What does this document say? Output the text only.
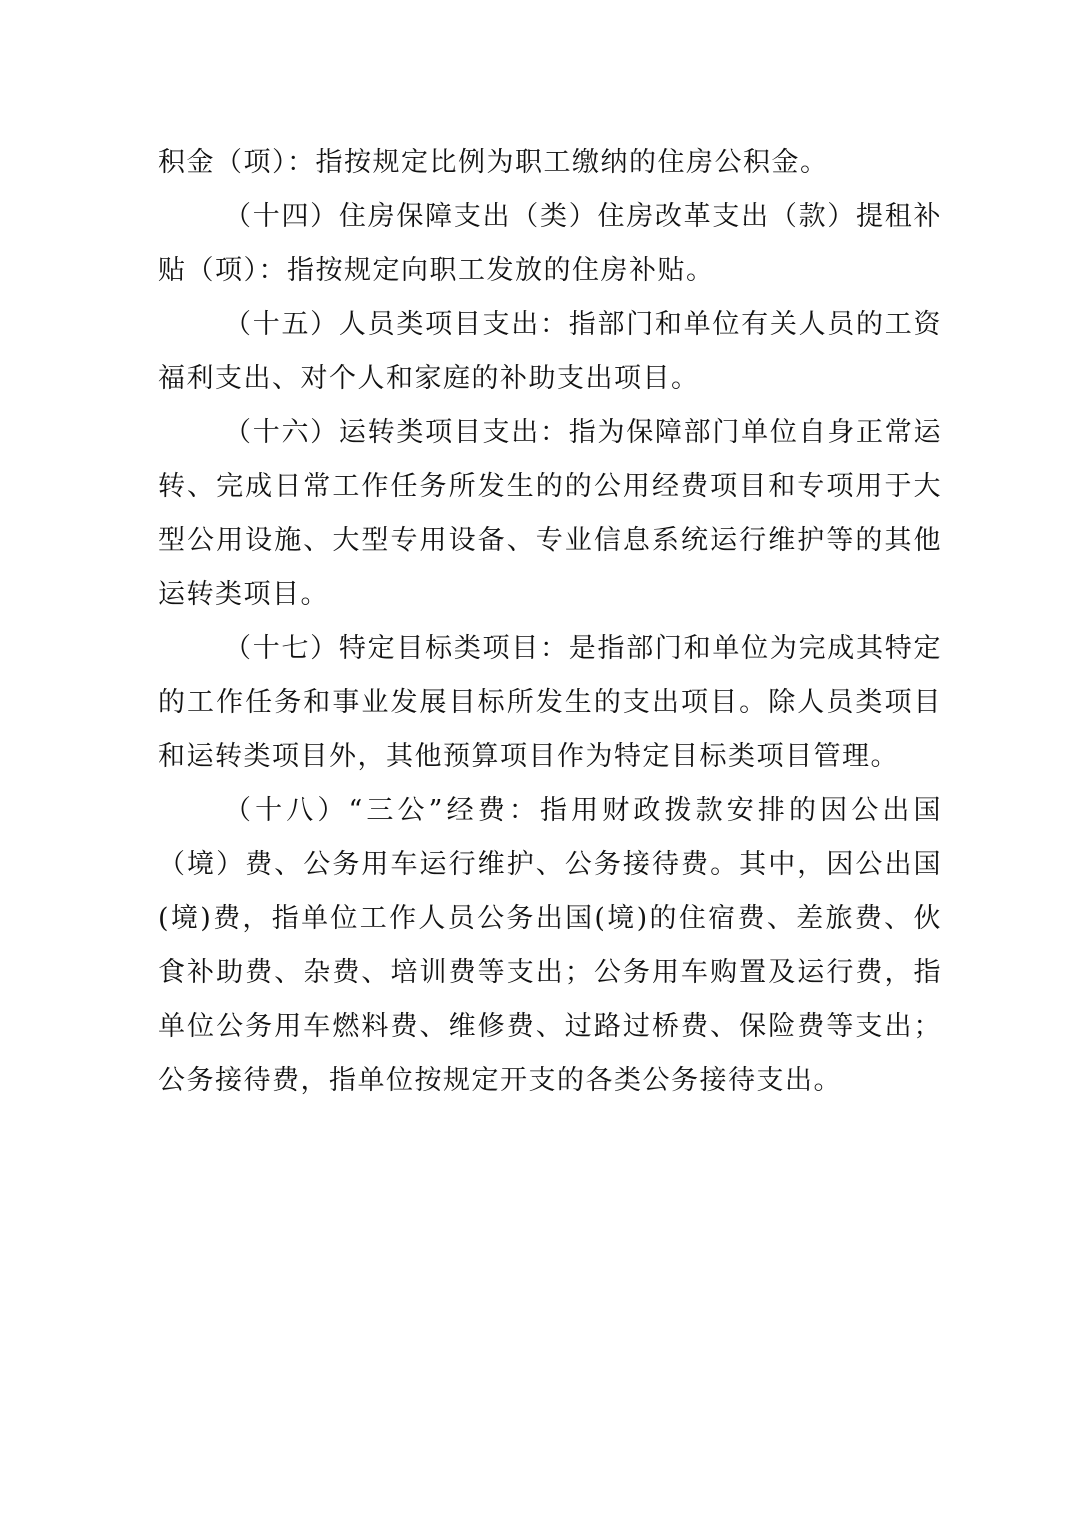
积金（项）：指按规定比例为职工缴纳的住房公积金。

（十四）住房保障支出（类）住房改革支出（款）提租补贴（项）：指按规定向职工发放的住房补贴。

（十五）人员类项目支出：指部门和单位有关人员的工资福利支出、对个人和家庭的补助支出项目。

（十六）运转类项目支出：指为保障部门单位自身正常运转、完成日常工作任务所发生的的公用经费项目和专项用于大型公用设施、大型专用设备、专业信息系统运行维护等的其他运转类项目。

（十七）特定目标类项目：是指部门和单位为完成其特定的工作任务和事业发展目标所发生的支出项目。除人员类项目和运转类项目外，其他预算项目作为特定目标类项目管理。

（十八）“三公”经费：指用财政拨款安排的因公出国（境）费、公务用车运行维护、公务接待费。其中，因公出国(境)费，指单位工作人员公务出国(境)的住宿费、差旅费、伙食补助费、杂费、培训费等支出；公务用车购置及运行费，指单位公务用车燃料费、维修费、过路过桥费、保险费等支出；公务接待费，指单位按规定开支的各类公务接待支出。
